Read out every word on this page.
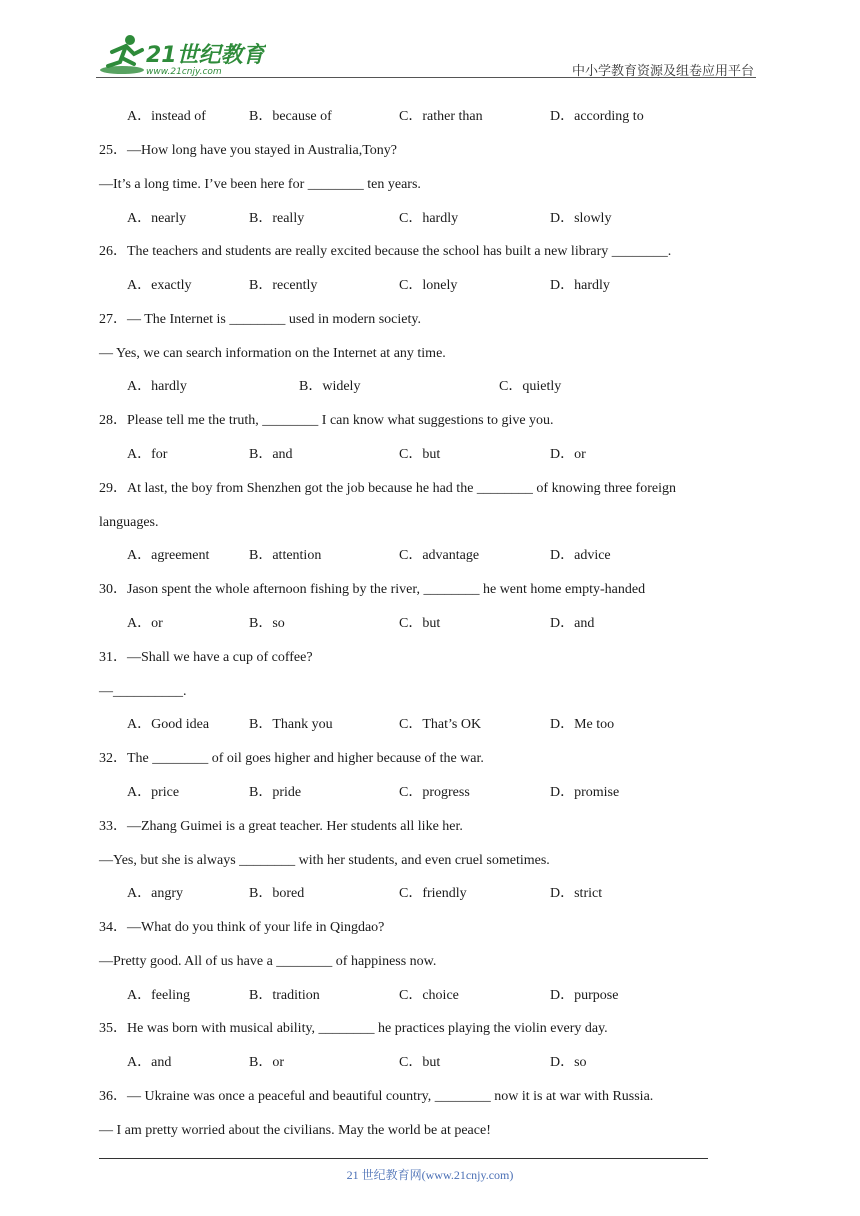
21世纪教育
www.21cnjy.com	中小学教育资源及组卷应用平台
A．instead of	B．because of	C．rather than	D．according to
25．—How long have you stayed in Australia,Tony?
—It’s a long time. I’ve been here for ________ ten years.
A．nearly	B．really	C．hardly	D．slowly
26．The teachers and students are really excited because the school has built a new library ________.
A．exactly	B．recently	C．lonely	D．hardly
27．— The Internet is ________ used in modern society.
— Yes, we can search information on the Internet at any time.
A．hardly	B．widely	C．quietly
28．Please tell me the truth, ________ I can know what suggestions to give you.
A．for	B．and	C．but	D．or
29．At last, the boy from Shenzhen got the job because he had the ________ of knowing three foreign
languages.
A．agreement	B．attention	C．advantage	D．advice
30．Jason spent the whole afternoon fishing by the river, ________ he went home empty-handed
A．or	B．so	C．but	D．and
31．—Shall we have a cup of coffee?
—__________.
A．Good idea	B．Thank you	C．That’s OK	D．Me too
32．The ________ of oil goes higher and higher because of the war.
A．price	B．pride	C．progress	D．promise
33．—Zhang Guimei is a great teacher. Her students all like her.
—Yes, but she is always ________ with her students, and even cruel sometimes.
A．angry	B．bored	C．friendly	D．strict
34．—What do you think of your life in Qingdao?
—Pretty good. All of us have a ________ of happiness now.
A．feeling	B．tradition	C．choice	D．purpose
35．He was born with musical ability, ________ he practices playing the violin every day.
A．and	B．or	C．but	D．so
36．— Ukraine was once a peaceful and beautiful country, ________ now it is at war with Russia.
— I am pretty worried about the civilians. May the world be at peace!
21 世纪教育网(www.21cnjy.com)
